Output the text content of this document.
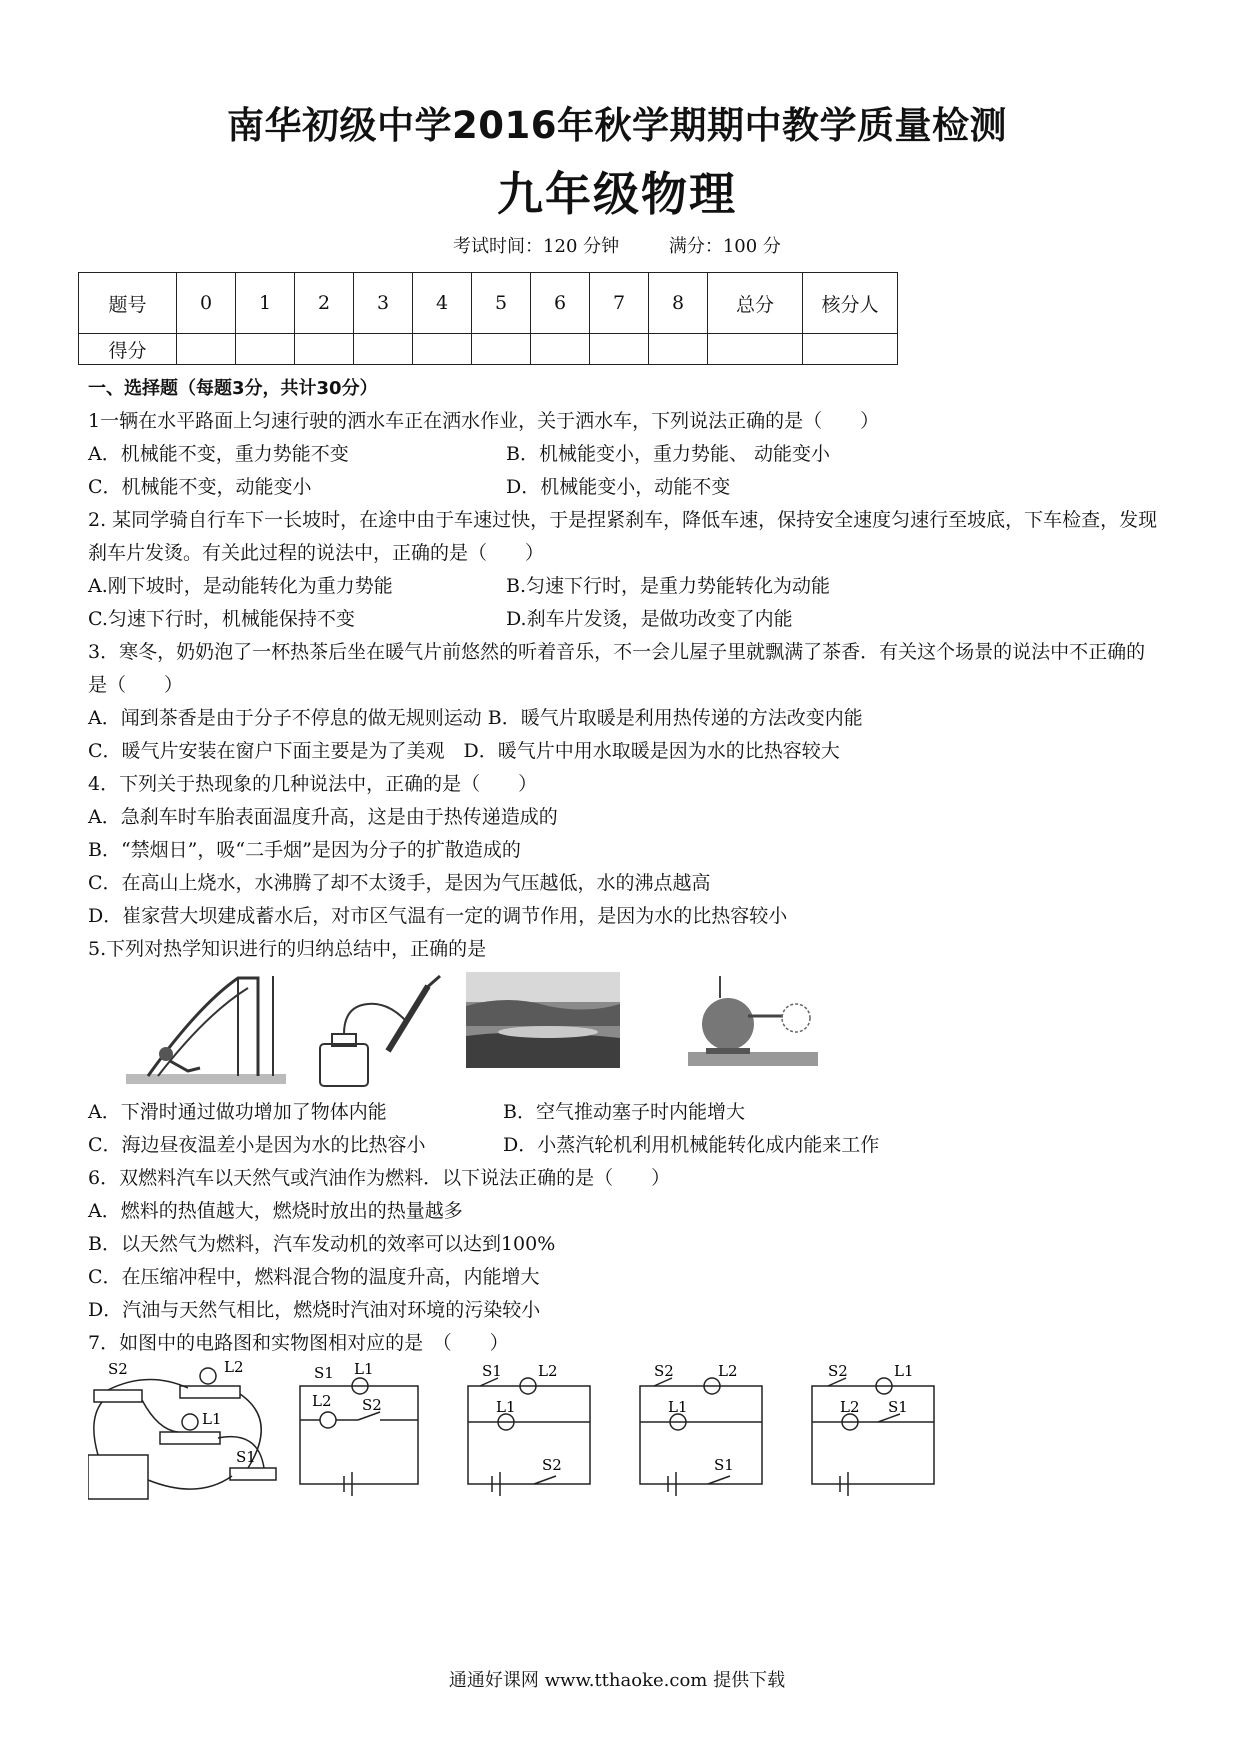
南华初级中学2016年秋学期期中教学质量检测
九年级物理
考试时间：120 分钟	满分：100 分
题号	0	1	2	3	4	5	6	7	8	总分	核分人
得分											
一、选择题（每题3分，共计30分）
1一辆在水平路面上匀速行驶的洒水车正在洒水作业，关于洒水车，下列说法正确的是（　　）
A．机械能不变，重力势能不变	B．机械能变小，重力势能、 动能变小
C．机械能不变，动能变小	D．机械能变小，动能不变
2. 某同学骑自行车下一长坡时，在途中由于车速过快，于是捏紧刹车，降低车速，保持安全速度匀速行至坡底，下车检查，发现刹车片发烫。有关此过程的说法中，正确的是（　　）
A.刚下坡时，是动能转化为重力势能	B.匀速下行时，是重力势能转化为动能
C.匀速下行时，机械能保持不变	D.刹车片发烫，是做功改变了内能
3．寒冬，奶奶泡了一杯热茶后坐在暖气片前悠然的听着音乐，不一会儿屋子里就飘满了茶香．有关这个场景的说法中不正确的是（　　）
A．闻到茶香是由于分子不停息的做无规则运动 B．暖气片取暖是利用热传递的方法改变内能
C．暖气片安装在窗户下面主要是为了美观　D．暖气片中用水取暖是因为水的比热容较大
4．下列关于热现象的几种说法中，正确的是（　　）
A．急刹车时车胎表面温度升高，这是由于热传递造成的
B．“禁烟日”，吸“二手烟”是因为分子的扩散造成的
C．在高山上烧水，水沸腾了却不太烫手，是因为气压越低，水的沸点越高
D．崔家营大坝建成蓄水后，对市区气温有一定的调节作用，是因为水的比热容较小
5.下列对热学知识进行的归纳总结中，正确的是
A．下滑时通过做功增加了物体内能	B．空气推动塞子时内能增大
C．海边昼夜温差小是因为水的比热容小	D．小蒸汽轮机利用机械能转化成内能来工作
6．双燃料汽车以天然气或汽油作为燃料．以下说法正确的是（　　）
A．燃料的热值越大，燃烧时放出的热量越多
B．以天然气为燃料，汽车发动机的效率可以达到100%
C．在压缩冲程中，燃料混合物的温度升高，内能增大
D．汽油与天然气相比，燃烧时汽油对环境的污染较小
7．如图中的电路图和实物图相对应的是　（　　）
S2	L2
L1
S1
S1 L1
L2 S2
S1 L2
L1
S2
S2	L2
L1
S1
S2	L1
L2 S1
通通好课网 www.tthaoke.com 提供下载
